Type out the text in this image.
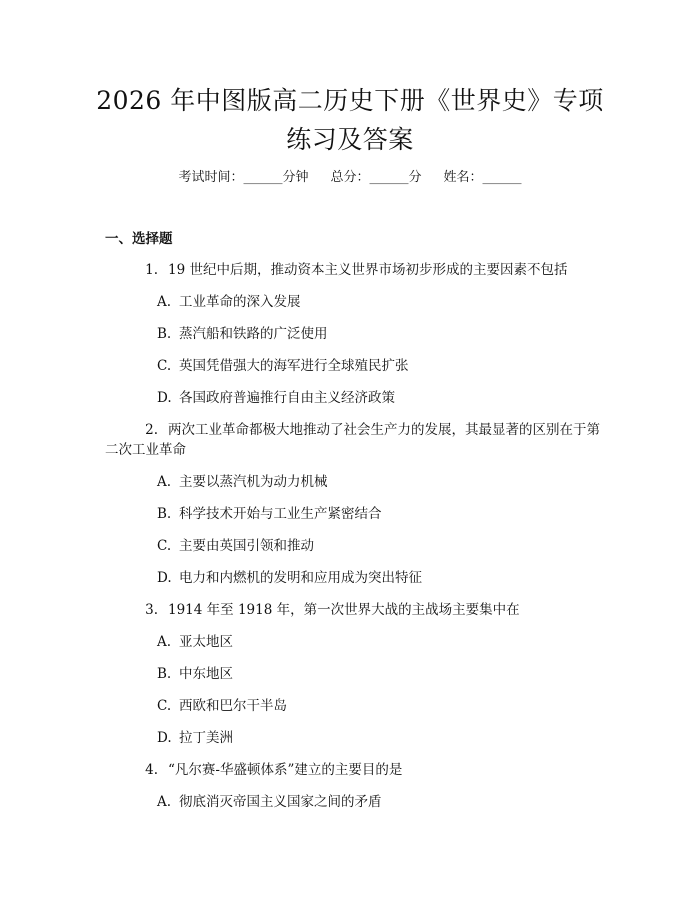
2026 年中图版高二历史下册《世界史》专项
练习及答案
考试时间：______分钟 总分：______分 姓名：______
一、选择题
1. 19 世纪中后期，推动资本主义世界市场初步形成的主要因素不包括
A. 工业革命的深入发展
B. 蒸汽船和铁路的广泛使用
C. 英国凭借强大的海军进行全球殖民扩张
D. 各国政府普遍推行自由主义经济政策
2. 两次工业革命都极大地推动了社会生产力的发展，其最显著的区别在于第
二次工业革命
A. 主要以蒸汽机为动力机械
B. 科学技术开始与工业生产紧密结合
C. 主要由英国引领和推动
D. 电力和内燃机的发明和应用成为突出特征
3. 1914 年至 1918 年，第一次世界大战的主战场主要集中在
A. 亚太地区
B. 中东地区
C. 西欧和巴尔干半岛
D. 拉丁美洲
4. “凡尔赛-华盛顿体系”建立的主要目的是
A. 彻底消灭帝国主义国家之间的矛盾
